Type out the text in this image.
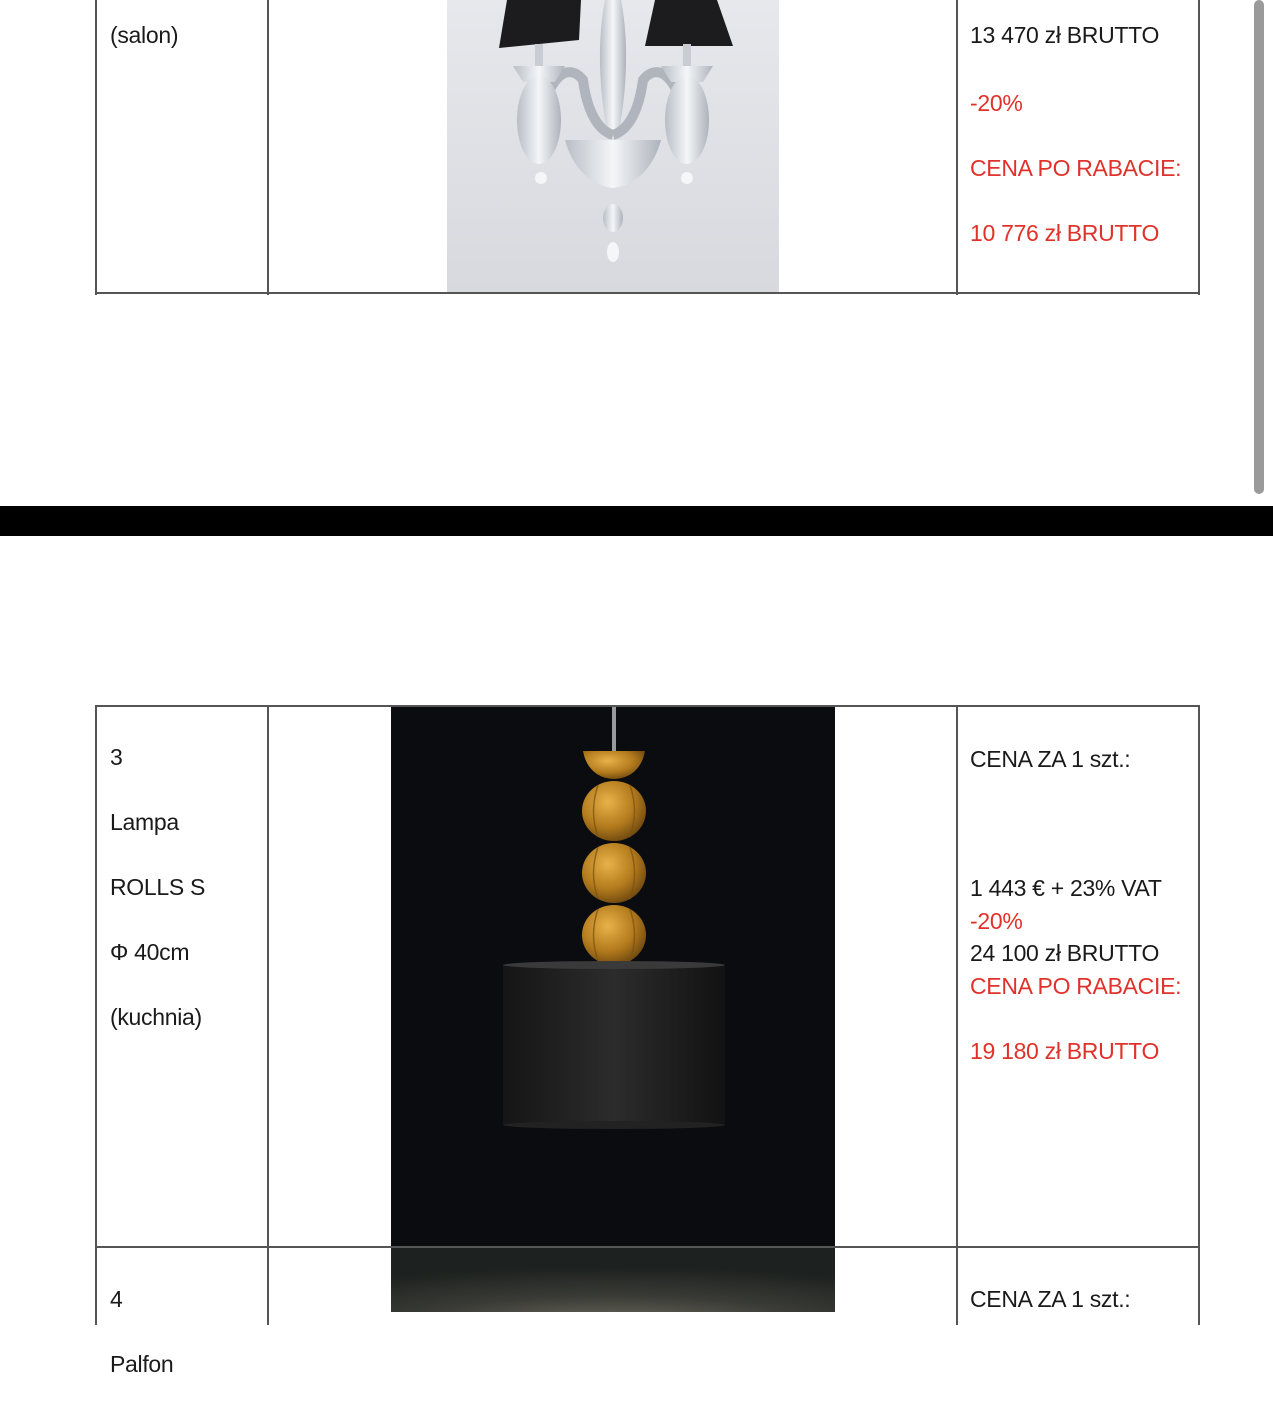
(salon)	13 470 zł BRUTTO

-20%

CENA PO RABACIE:

10 776 zł BRUTTO

3

Lampa

ROLLS S

Φ 40cm

(kuchnia)

CENA ZA 1 szt.:

1 443 € + 23% VAT

24 100 zł BRUTTO

-20%

CENA PO RABACIE:

19 180 zł BRUTTO

4

Palfon

CENA ZA 1 szt.:
